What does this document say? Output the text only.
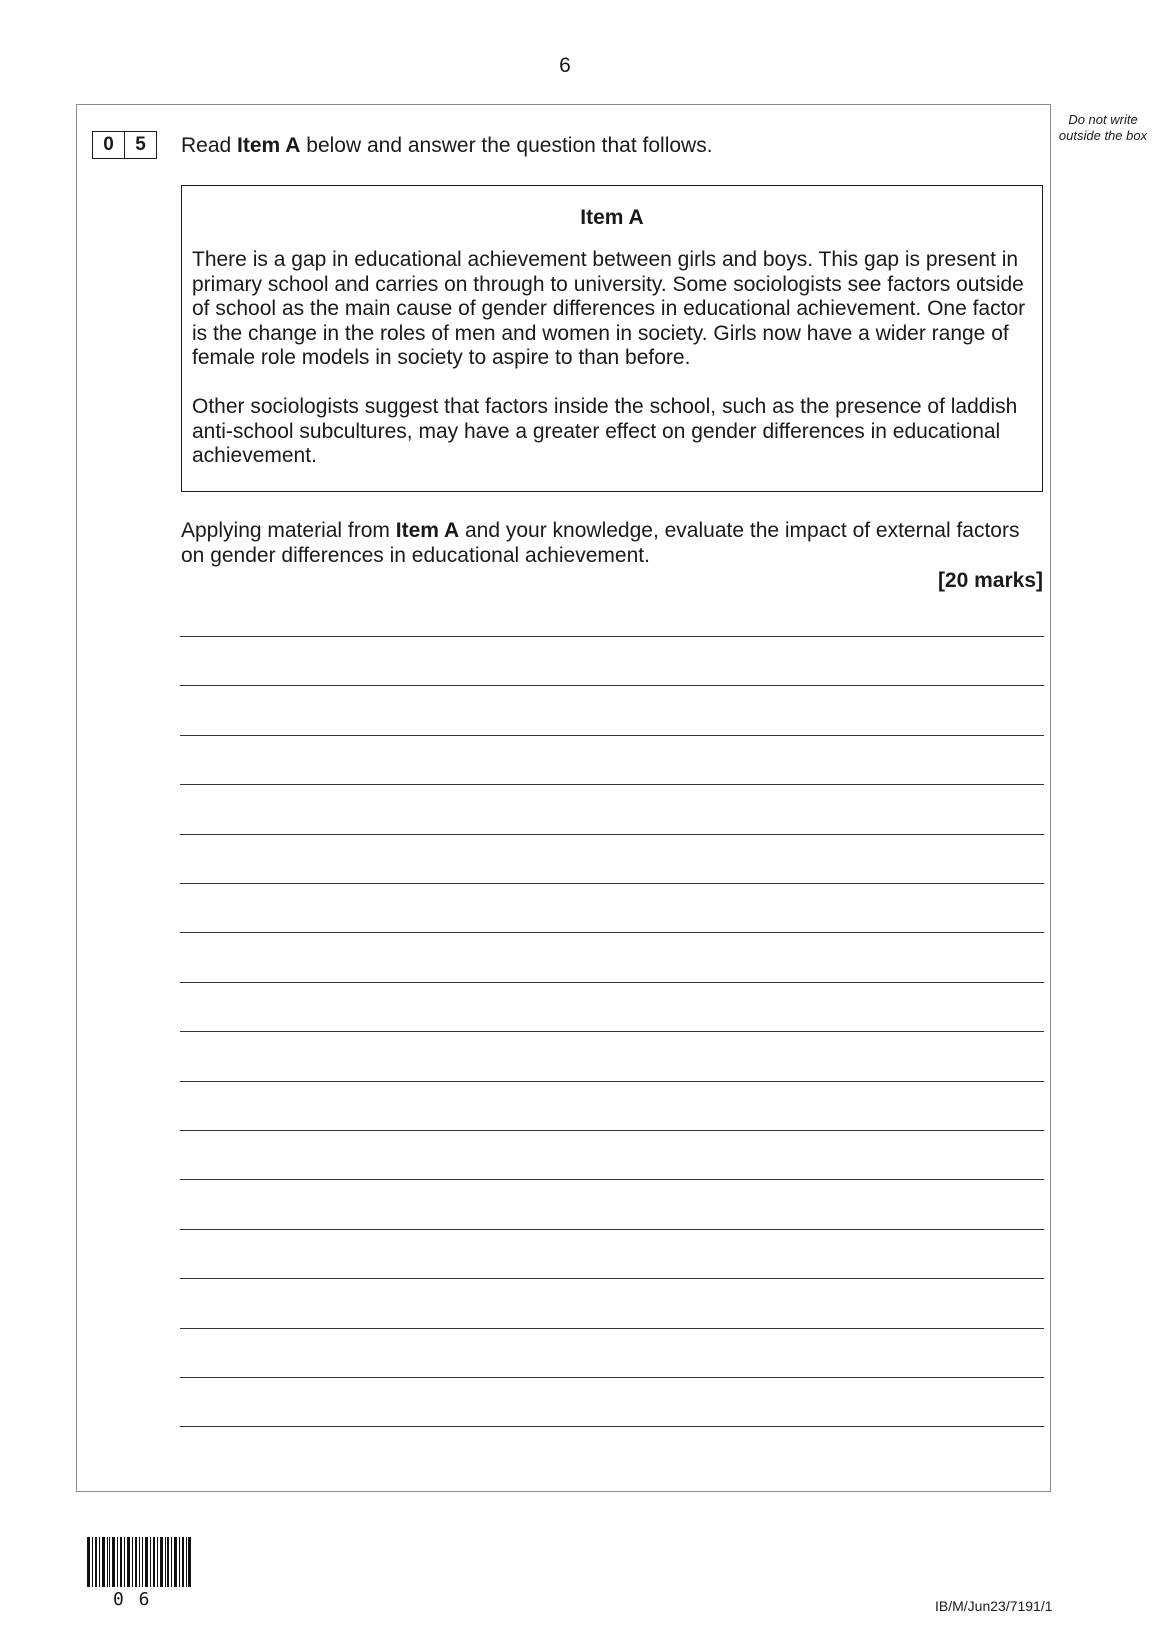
6
Do not write outside the box
0	5	Read Item A below and answer the question that follows.
Item A

There is a gap in educational achievement between girls and boys. This gap is present in primary school and carries on through to university. Some sociologists see factors outside of school as the main cause of gender differences in educational achievement. One factor is the change in the roles of men and women in society. Girls now have a wider range of female role models in society to aspire to than before.

Other sociologists suggest that factors inside the school, such as the presence of laddish anti-school subcultures, may have a greater effect on gender differences in educational achievement.

Applying material from Item A and your knowledge, evaluate the impact of external factors on gender differences in educational achievement.
[20 marks]
0 6	IB/M/Jun23/7191/1
